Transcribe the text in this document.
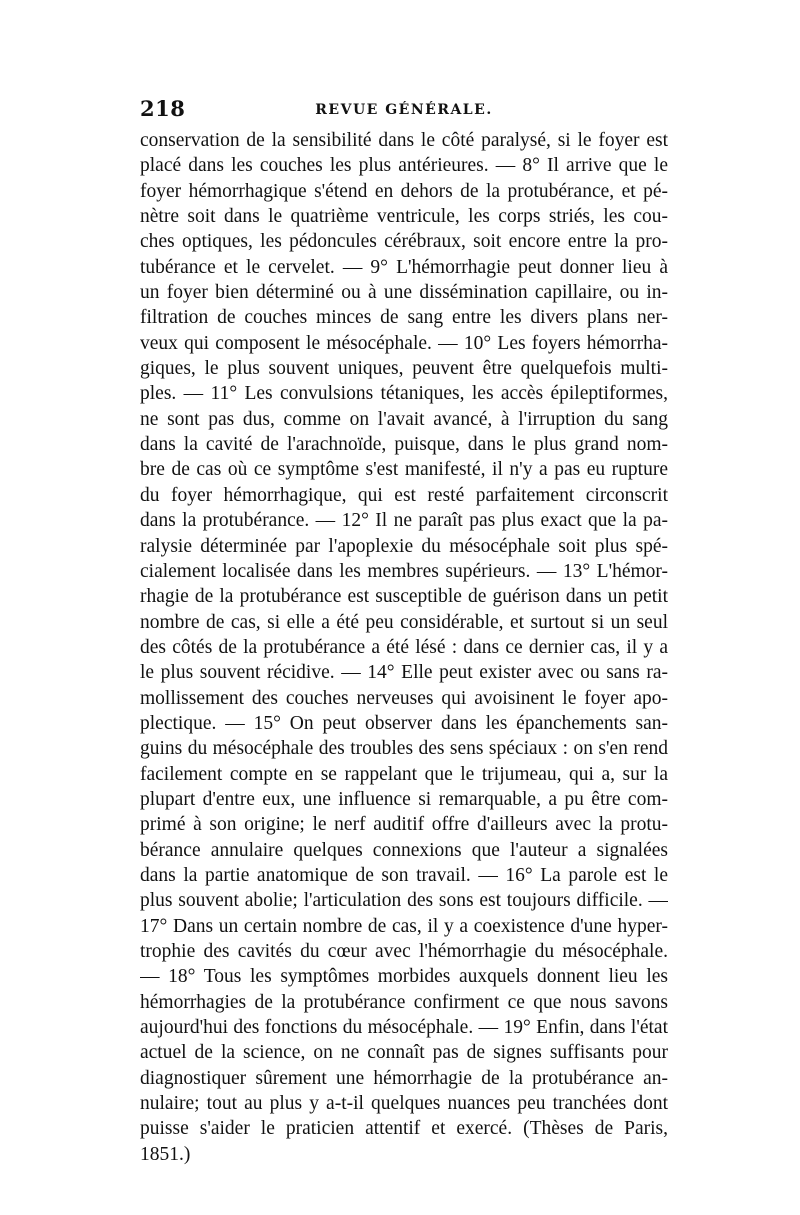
218	REVUE GÉNÉRALE.
conservation de la sensibilité dans le côté paralysé, si le foyer est
placé dans les couches les plus antérieures. — 8° Il arrive que le
foyer hémorrhagique s'étend en dehors de la protubérance, et pé-
nètre soit dans le quatrième ventricule, les corps striés, les cou-
ches optiques, les pédoncules cérébraux, soit encore entre la pro-
tubérance et le cervelet. — 9° L'hémorrhagie peut donner lieu à
un foyer bien déterminé ou à une dissémination capillaire, ou in-
filtration de couches minces de sang entre les divers plans ner-
veux qui composent le mésocéphale. — 10° Les foyers hémorrha-
giques, le plus souvent uniques, peuvent être quelquefois multi-
ples. — 11° Les convulsions tétaniques, les accès épileptiformes,
ne sont pas dus, comme on l'avait avancé, à l'irruption du sang
dans la cavité de l'arachnoïde, puisque, dans le plus grand nom-
bre de cas où ce symptôme s'est manifesté, il n'y a pas eu rupture
du foyer hémorrhagique, qui est resté parfaitement circonscrit
dans la protubérance. — 12° Il ne paraît pas plus exact que la pa-
ralysie déterminée par l'apoplexie du mésocéphale soit plus spé-
cialement localisée dans les membres supérieurs. — 13° L'hémor-
rhagie de la protubérance est susceptible de guérison dans un petit
nombre de cas, si elle a été peu considérable, et surtout si un seul
des côtés de la protubérance a été lésé : dans ce dernier cas, il y a
le plus souvent récidive. — 14° Elle peut exister avec ou sans ra-
mollissement des couches nerveuses qui avoisinent le foyer apo-
plectique. — 15° On peut observer dans les épanchements san-
guins du mésocéphale des troubles des sens spéciaux : on s'en rend
facilement compte en se rappelant que le trijumeau, qui a, sur la
plupart d'entre eux, une influence si remarquable, a pu être com-
primé à son origine; le nerf auditif offre d'ailleurs avec la protu-
bérance annulaire quelques connexions que l'auteur a signalées
dans la partie anatomique de son travail. — 16° La parole est le
plus souvent abolie; l'articulation des sons est toujours difficile. —
17° Dans un certain nombre de cas, il y a coexistence d'une hyper-
trophie des cavités du cœur avec l'hémorrhagie du mésocéphale.
— 18° Tous les symptômes morbides auxquels donnent lieu les
hémorrhagies de la protubérance confirment ce que nous savons
aujourd'hui des fonctions du mésocéphale. — 19° Enfin, dans l'état
actuel de la science, on ne connaît pas de signes suffisants pour
diagnostiquer sûrement une hémorrhagie de la protubérance an-
nulaire; tout au plus y a-t-il quelques nuances peu tranchées dont
puisse s'aider le praticien attentif et exercé. (Thèses de Paris,
1851.)
